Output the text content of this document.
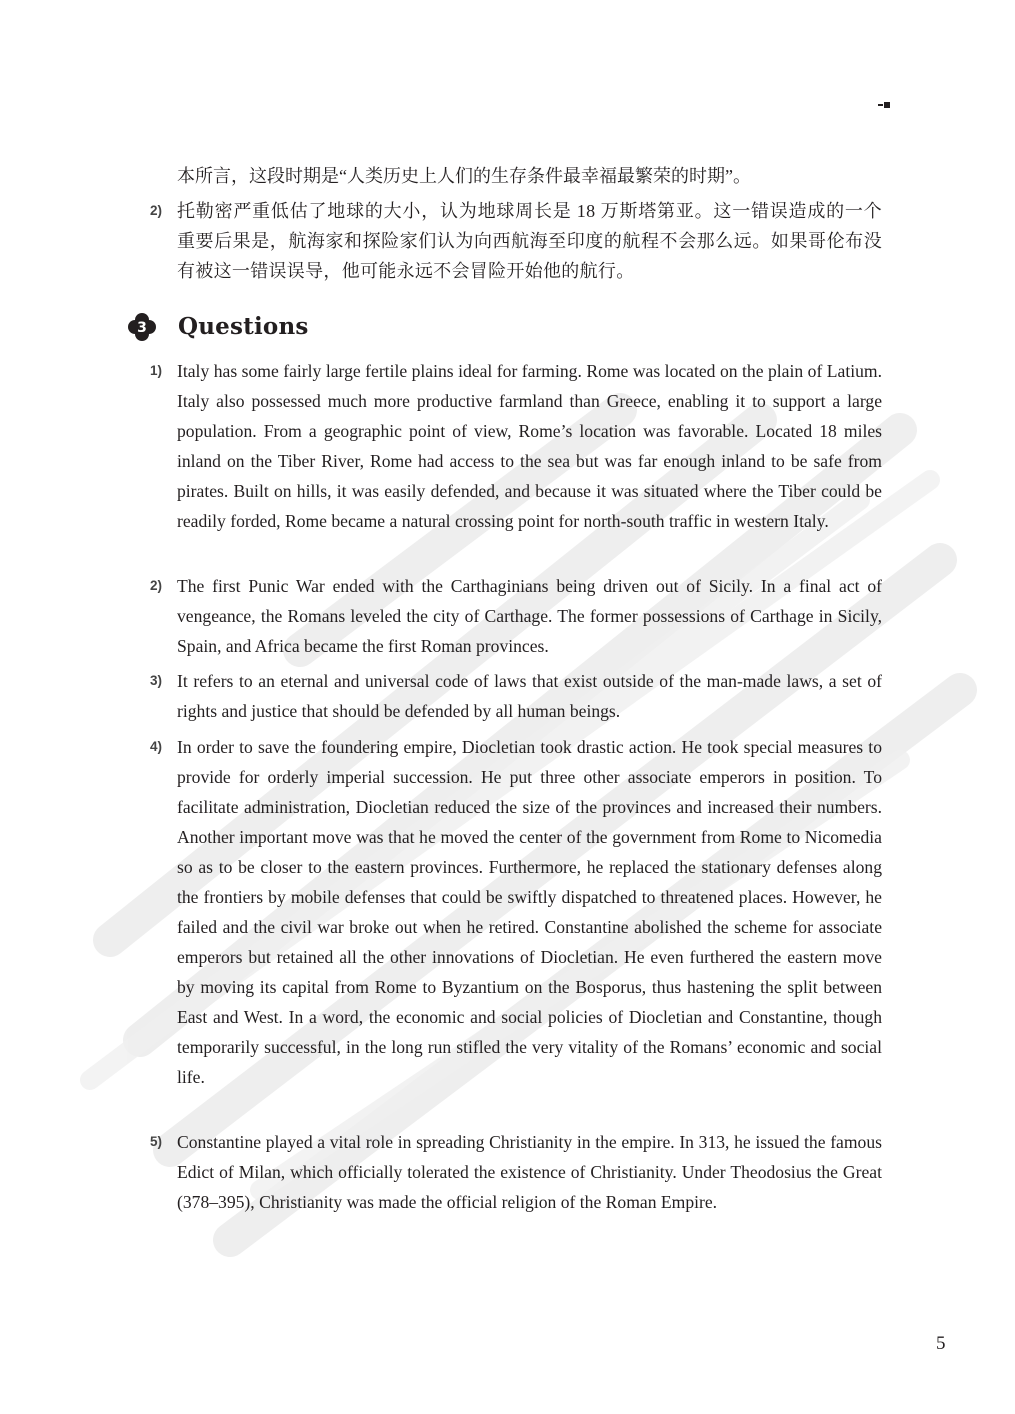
本所言，这段时期是“人类历史上人们的生存条件最幸福最繁荣的时期”。
2) 托勒密严重低估了地球的大小，认为地球周长是 18 万斯塔第亚。这一错误造成的一个重要后果是，航海家和探险家们认为向西航海至印度的航程不会那么远。如果哥伦布没有被这一错误误导，他可能永远不会冒险开始他的航行。
3 Questions
1) Italy has some fairly large fertile plains ideal for farming. Rome was located on the plain of Latium. Italy also possessed much more productive farmland than Greece, enabling it to support a large population. From a geographic point of view, Rome’s location was favorable. Located 18 miles inland on the Tiber River, Rome had access to the sea but was far enough inland to be safe from pirates. Built on hills, it was easily defended, and because it was situated where the Tiber could be readily forded, Rome became a natural crossing point for north-south traffic in western Italy.
2) The first Punic War ended with the Carthaginians being driven out of Sicily. In a final act of vengeance, the Romans leveled the city of Carthage. The former possessions of Carthage in Sicily, Spain, and Africa became the first Roman provinces.
3) It refers to an eternal and universal code of laws that exist outside of the man-made laws, a set of rights and justice that should be defended by all human beings.
4) In order to save the foundering empire, Diocletian took drastic action. He took special measures to provide for orderly imperial succession. He put three other associate emperors in position. To facilitate administration, Diocletian reduced the size of the provinces and increased their numbers. Another important move was that he moved the center of the government from Rome to Nicomedia so as to be closer to the eastern provinces. Furthermore, he replaced the stationary defenses along the frontiers by mobile defenses that could be swiftly dispatched to threatened places. However, he failed and the civil war broke out when he retired. Constantine abolished the scheme for associate emperors but retained all the other innovations of Diocletian. He even furthered the eastern move by moving its capital from Rome to Byzantium on the Bosporus, thus hastening the split between East and West. In a word, the economic and social policies of Diocletian and Constantine, though temporarily successful, in the long run stifled the very vitality of the Romans’ economic and social life.
5) Constantine played a vital role in spreading Christianity in the empire. In 313, he issued the famous Edict of Milan, which officially tolerated the existence of Christianity. Under Theodosius the Great (378–395), Christianity was made the official religion of the Roman Empire.
5
